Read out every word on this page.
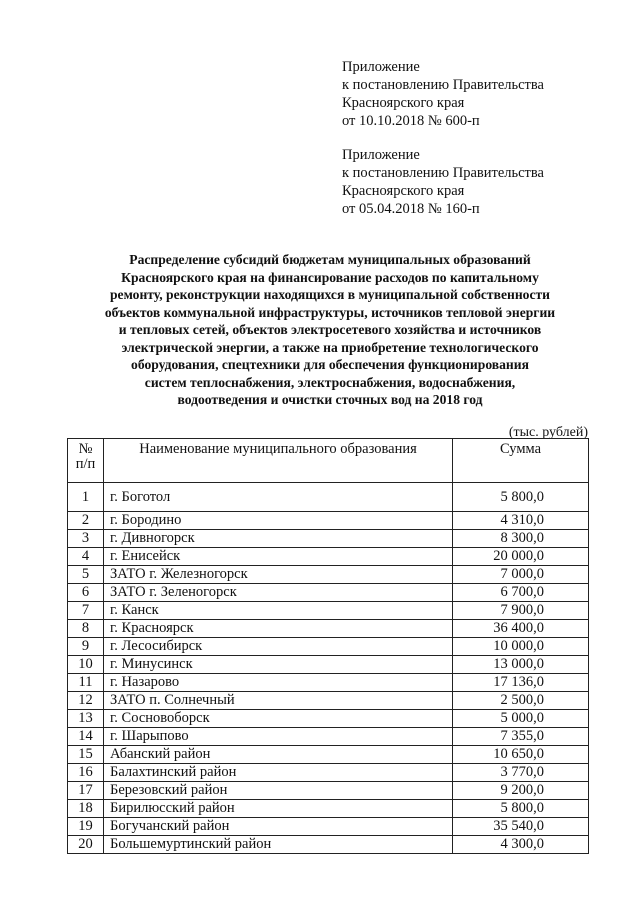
Приложение
к постановлению Правительства
Красноярского края
от 10.10.2018 № 600-п
Приложение
к постановлению Правительства
Красноярского края
от 05.04.2018 № 160-п
Распределение субсидий бюджетам муниципальных образований
Красноярского края на финансирование расходов по капитальному
ремонту, реконструкции находящихся в муниципальной собственности
объектов коммунальной инфраструктуры, источников тепловой энергии
и тепловых сетей, объектов электросетевого хозяйства и источников
электрической энергии, а также на приобретение технологического
оборудования, спецтехники для обеспечения функционирования
систем теплоснабжения, электроснабжения, водоснабжения,
водоотведения и очистки сточных вод на 2018 год
(тыс. рублей)
№
п/п	Наименование муниципального образования	Сумма
1	г. Боготол	5 800,0
2	г. Бородино	4 310,0
3	г. Дивногорск	8 300,0
4	г. Енисейск	20 000,0
5	ЗАТО г. Железногорск	7 000,0
6	ЗАТО г. Зеленогорск	6 700,0
7	г. Канск	7 900,0
8	г. Красноярск	36 400,0
9	г. Лесосибирск	10 000,0
10	г. Минусинск	13 000,0
11	г. Назарово	17 136,0
12	ЗАТО п. Солнечный	2 500,0
13	г. Сосновоборск	5 000,0
14	г. Шарыпово	7 355,0
15	Абанский район	10 650,0
16	Балахтинский район	3 770,0
17	Березовский район	9 200,0
18	Бирилюсский район	5 800,0
19	Богучанский район	35 540,0
20	Большемуртинский район	4 300,0
